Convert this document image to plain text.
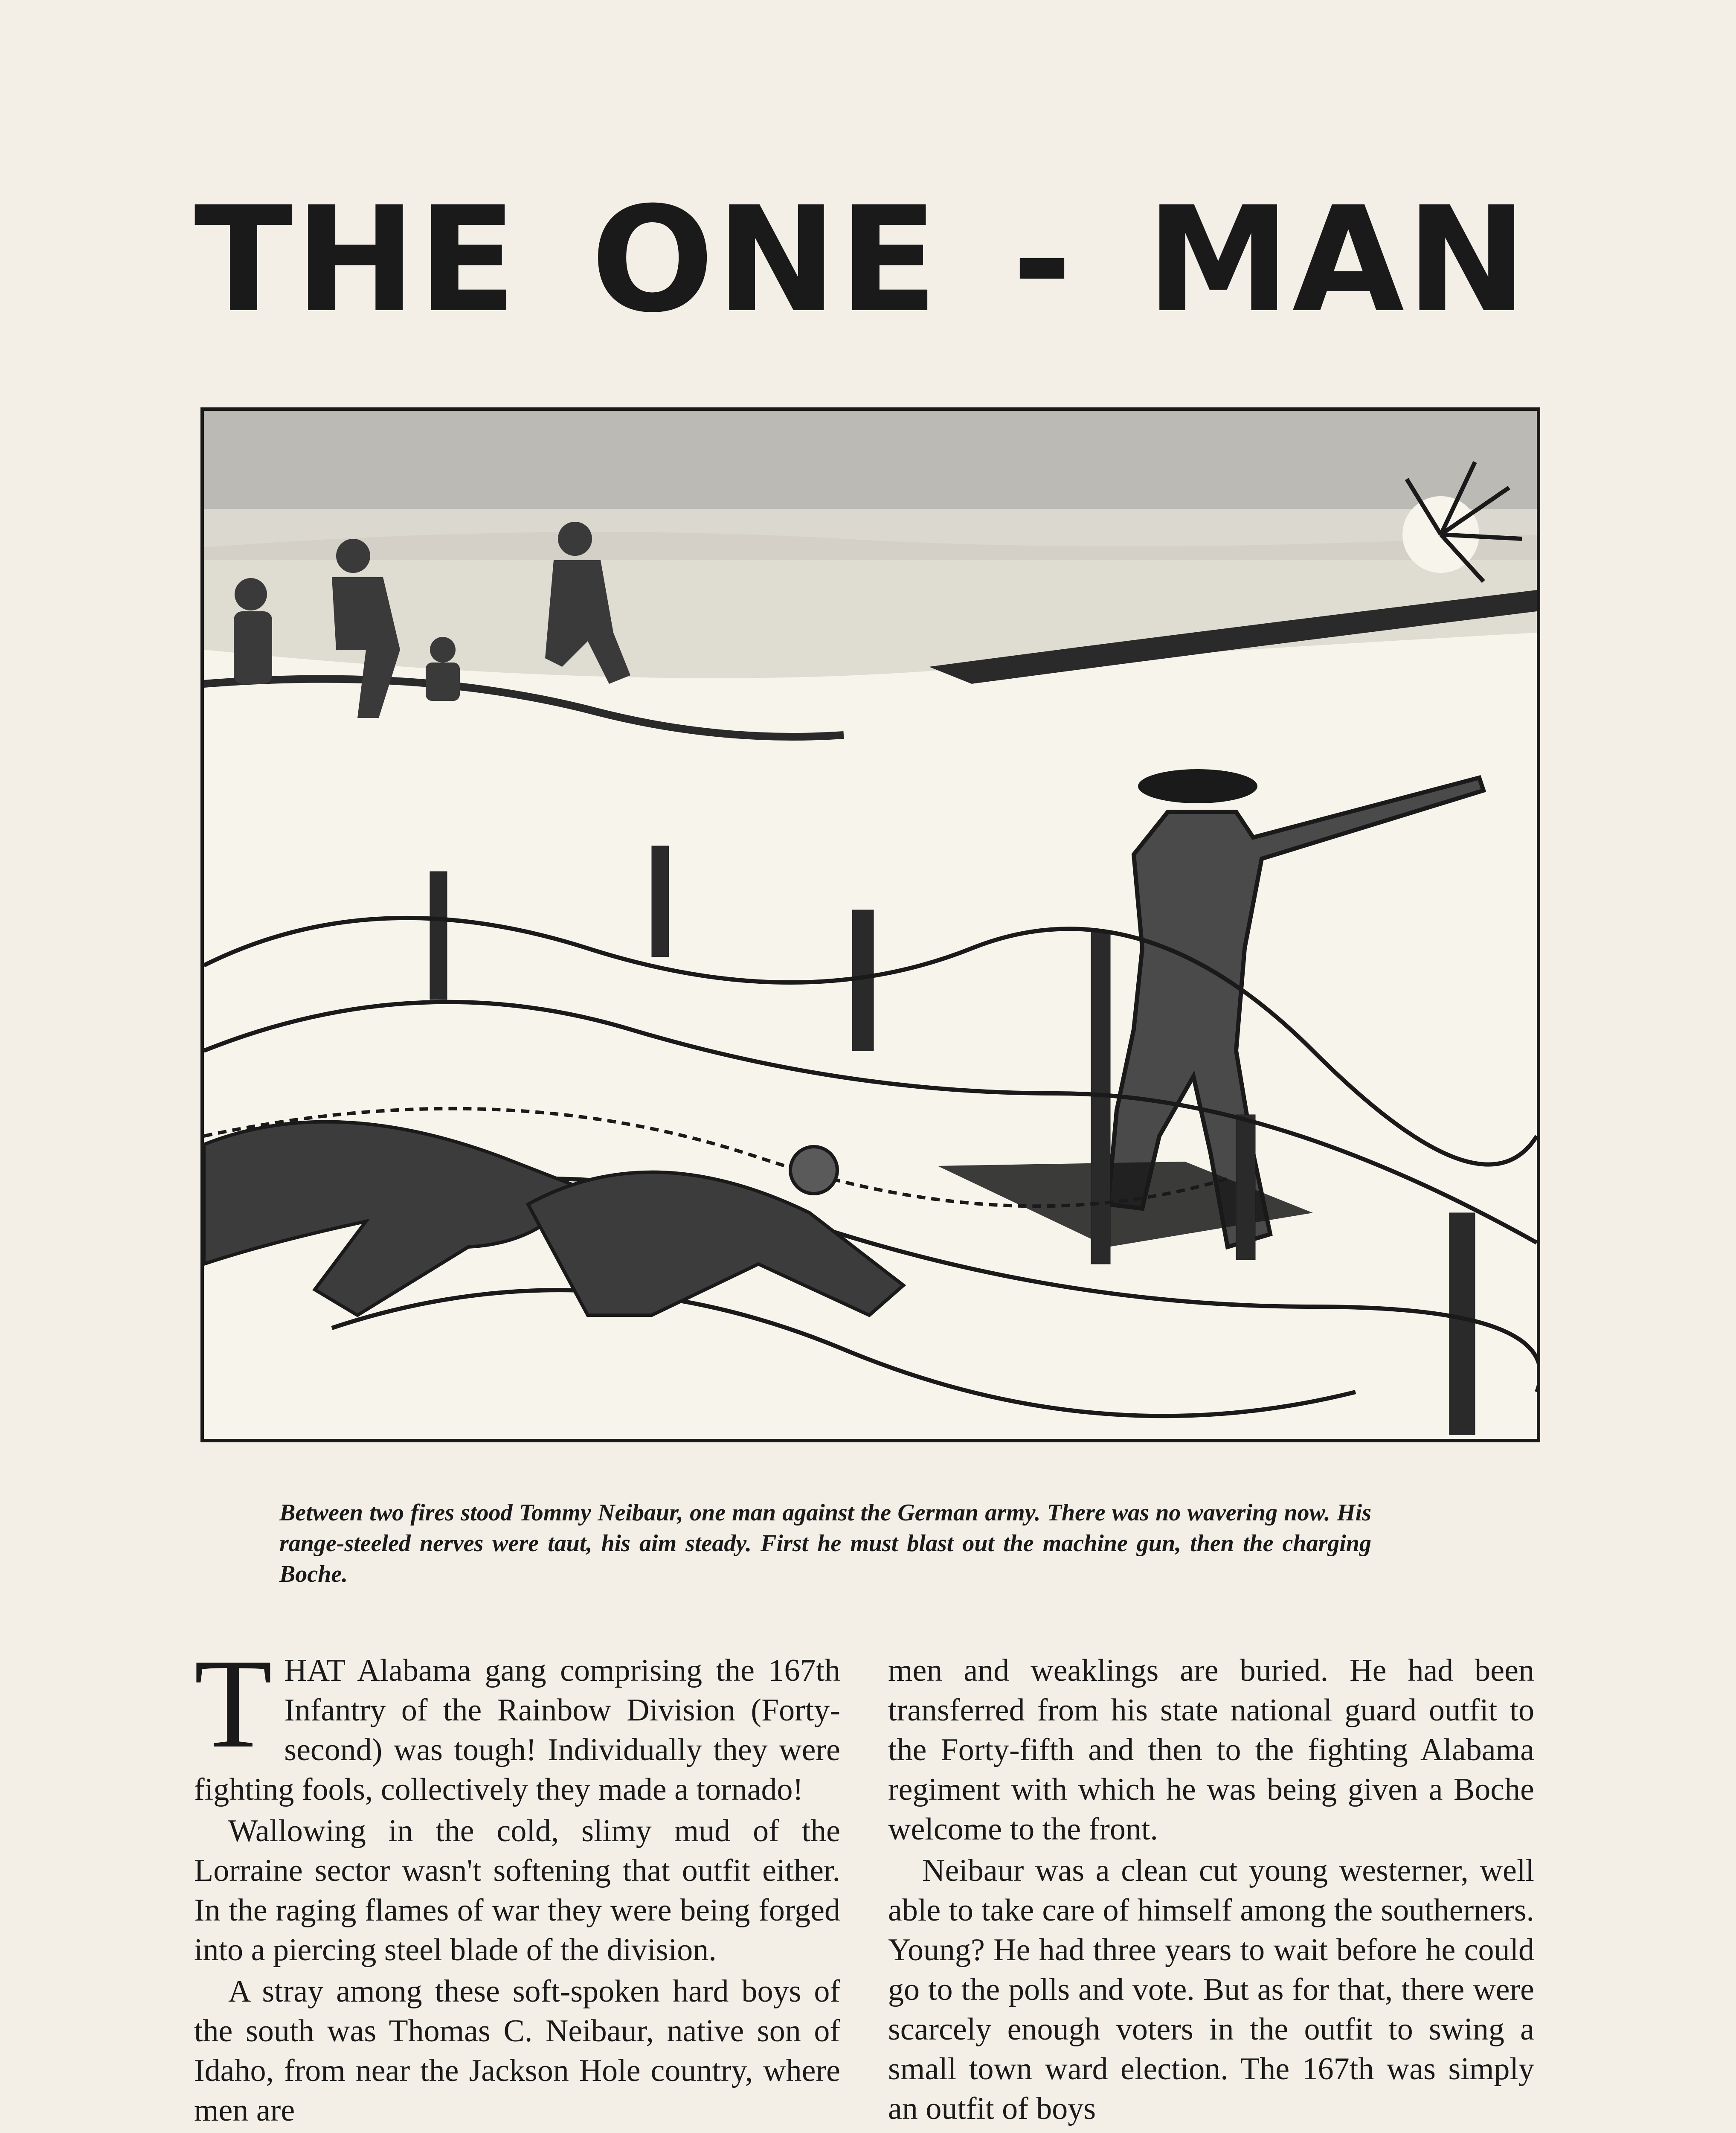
THE ONE - MAN
Between two fires stood Tommy Neibaur, one man against the German army. There was no wavering now. His range-steeled nerves were taut, his aim steady. First he must blast out the machine gun, then the charging Boche.

THAT Alabama gang comprising the 167th Infantry of the Rainbow Division (Forty-second) was tough! Individually they were fighting fools, collectively they made a tornado!

Wallowing in the cold, slimy mud of the Lorraine sector wasn't softening that outfit either. In the raging flames of war they were being forged into a piercing steel blade of the division.

A stray among these soft-spoken hard boys of the south was Thomas C. Neibaur, native son of Idaho, from near the Jackson Hole country, where men are

men and weaklings are buried. He had been transferred from his state national guard outfit to the Forty-fifth and then to the fighting Alabama regiment with which he was being given a Boche welcome to the front.

Neibaur was a clean cut young westerner, well able to take care of himself among the southerners. Young? He had three years to wait before he could go to the polls and vote. But as for that, there were scarcely enough voters in the outfit to swing a small town ward election. The 167th was simply an outfit of boys
